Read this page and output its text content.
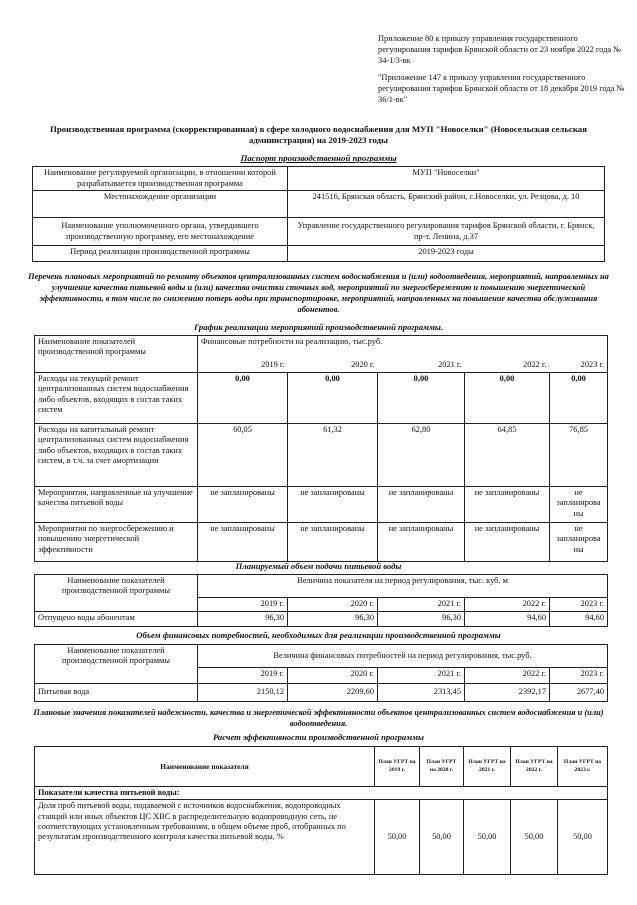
Приложение 80 к приказу управления государственного регулирования тарифов Брянской области от 23 ноября 2022 года № 34-1/3-вк
"Приложение 147 к приказу управления государственного регулирования тарифов Брянской области от 18 декабря 2019 года № 36/1-вк"
Производственная программа (скорректированная) в сфере холодного водоснабжения для МУП "Новоселки" (Новосельская сельская администрация) на 2019-2023 годы
Паспорт производственной программы
Наименование регулируемой организации, в отношении которой разрабатывается производственная программа	МУП "Новоселки"
Местонахождение организации	241516, Брянская область, Брянский район, с.Новоселки, ул. Резцова, д. 10
Наименование уполномоченного органа, утвердившего производственную программу, его местонахождение	Управление государственного регулирования тарифов Брянской области, г. Брянск, пр-т. Ленина, д.37
Период реализации производственной программы	2019-2023 годы
Перечень плановых мероприятий по ремонту объектов централизованных систем водоснабжения и (или) водоотведения, мероприятий, направленных на улучшение качества питьевой воды и (или) качества очистки сточных вод, мероприятий по энергосбережению и повышению энергетической эффективности, в том числе по снижению потерь воды при транспортировке, мероприятий, направленных на повышение качества обслуживания абонентов.
График реализации мероприятий производственной программы.
Наименование показателей производственной программы	Финансовые потребности на реализацию, тыс.руб.				
	2019 г.	2020 г.	2021 г.	2022 г.	2023 г.
Расходы на текущий ремонт централизованных систем водоснабжения либо объектов, входящих в состав таких систем	0,00	0,00	0,00	0,00	0,00
Расходы на капитальный ремонт централизованных систем водоснабжения либо объектов, входящих в состав таких систем, в т.ч. за счет амортизации	60,05	61,32	62,80	64,85	76,85
Мероприятия, направленные на улучшение качества питьевой воды	не запланированы	не запланированы	не запланированы	не запланированы	не запланирова ны
Мероприятия по энергосбережению и повышению энергетической эффективности	не запланированы	не запланированы	не запланированы	не запланированы	не запланирова ны
Планируемый объем подачи питьевой воды
Наименование показателей производственной программы	Величина показателя на период регулирования, тыс. куб. м				
	2019 г.	2020 г.	2021 г.	2022 г.	2023 г.
Отпущено воды абонентам	96,30	96,30	96,30	94,60	94,60
Объем финансовых потребностей, необходимых для реализации производственной программы
Наименование показателей производственной программы	Величина финансовых потребностей на период регулирования, тыс.руб.				
	2019 г.	2020 г.	2021 г.	2022 г.	2023 г.
Питьевая вода	2150,12	2209,60	2313,45	2392,17	2677,40
Плановые значения показателей надежности, качества и энергетической эффективности объектов централизованных систем водоснабжения и (или) водоотведения.
Расчет эффективности производственной программы
Наименование показателя	План УГРТ на 2019 г.	План УГРТ на 2020 г.	План УГРТ на 2021 г.	План УГРТ на 2022 г.	План УГРТ на 2023 г.
Показатели качества питьевой воды:					
Доля проб питьевой воды, подаваемой с источников водоснабжения, водопроводных станций или иных объектов ЦС ХВС в распределительную водопроводную сеть, не соответствующих установленным требованиям, в общем объеме проб, отобранных по результатам производственного контроля качества питьевой воды, %	50,00	50,00	50,00	50,00	50,00
